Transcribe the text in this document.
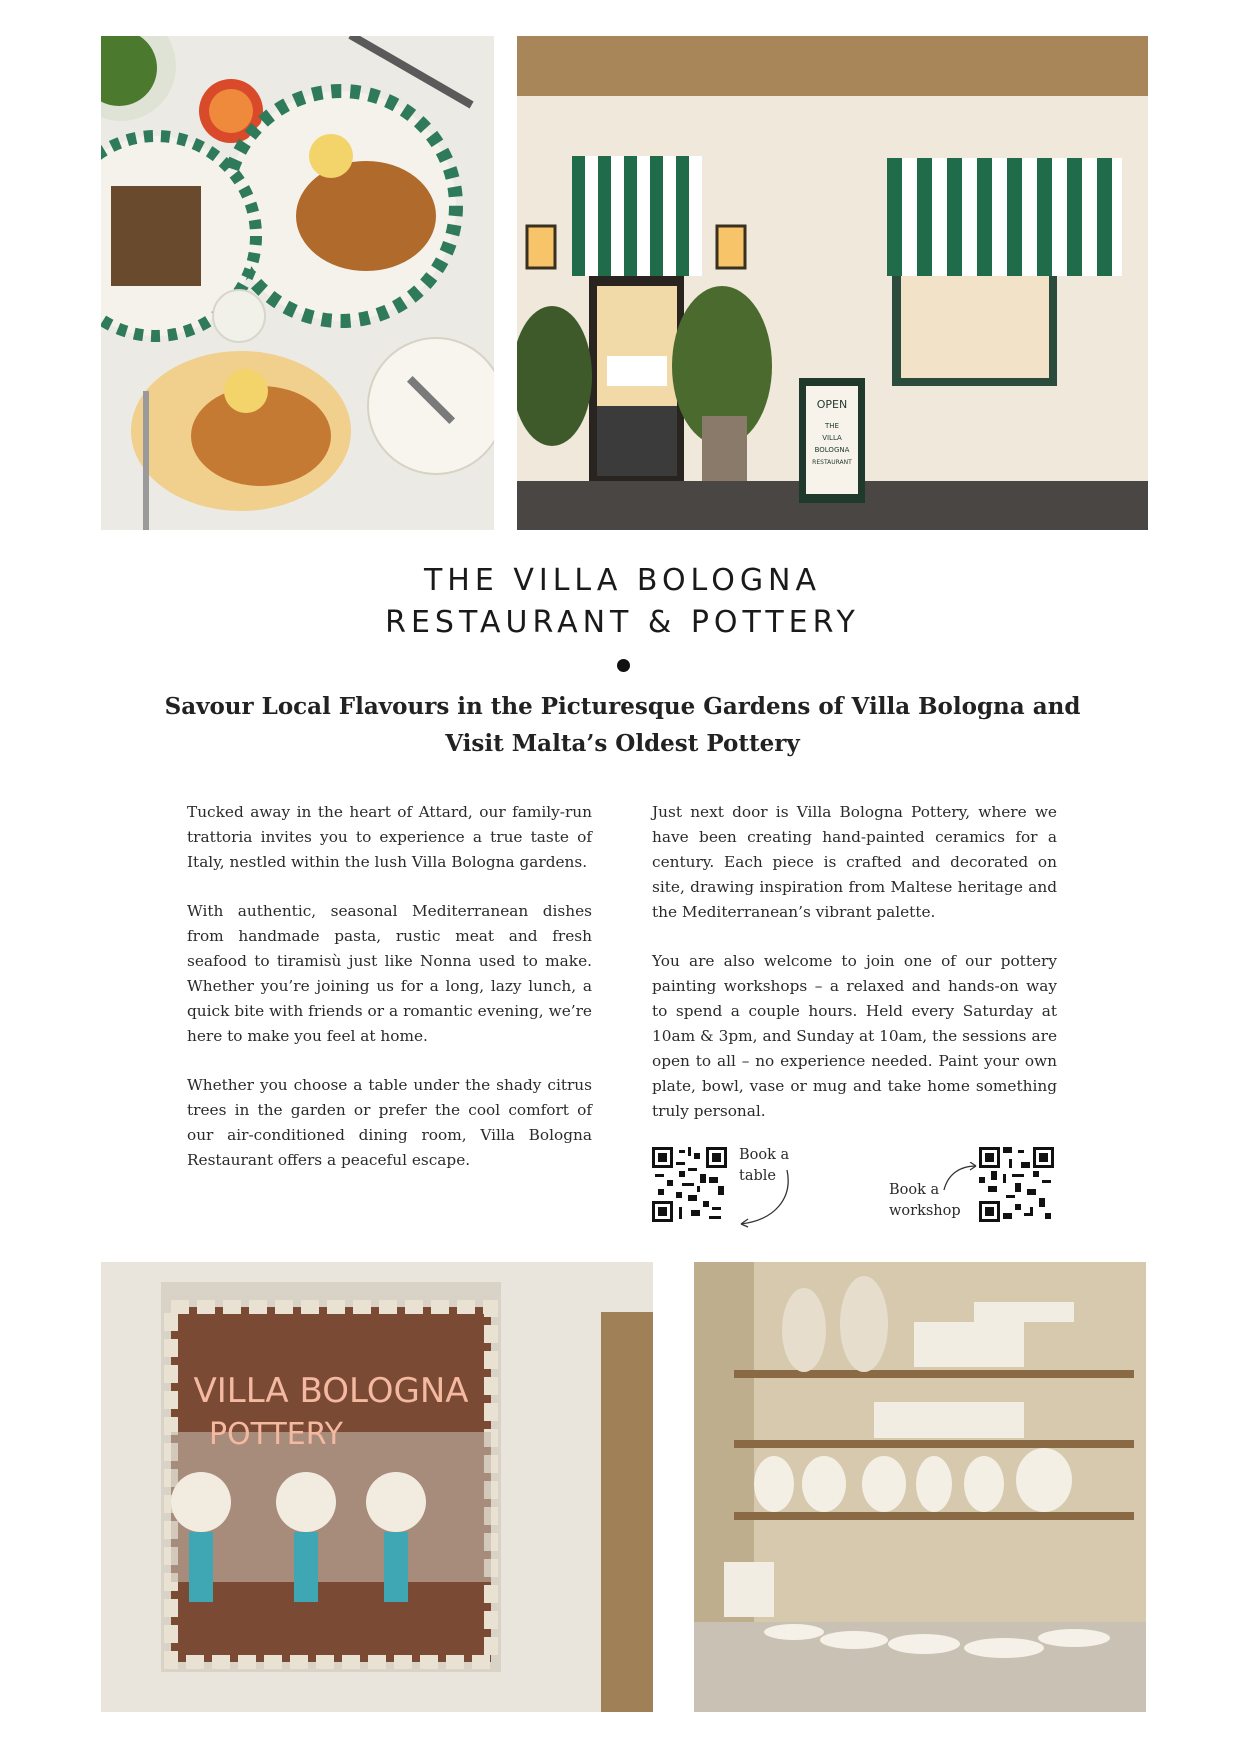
OPEN
THE
VILLA
BOLOGNA
RESTAURANT
THE VILLA BOLOGNA
RESTAURANT & POTTERY
Savour Local Flavours in the Picturesque Gardens of Villa Bologna and
Visit Malta’s Oldest Pottery

Tucked away in the heart of Attard, our family-run trattoria invites you to experience a true taste of Italy, nestled within the lush Villa Bologna gardens.

With authentic, seasonal Mediterranean dishes from handmade pasta, rustic meat and fresh seafood to tiramisù just like Nonna used to make. Whether you’re joining us for a long, lazy lunch, a quick bite with friends or a romantic evening, we’re here to make you feel at home.

Whether you choose a table under the shady citrus trees in the garden or prefer the cool comfort of our air-conditioned dining room, Villa Bologna Restaurant offers a peaceful escape.

Just next door is Villa Bologna Pottery, where we have been creating hand-painted ceramics for a century. Each piece is crafted and decorated on site, drawing inspiration from Maltese heritage and the Mediterranean’s vibrant palette.

You are also welcome to join one of our pottery painting workshops – a relaxed and hands-on way to spend a couple hours. Held every Saturday at 10am & 3pm, and Sunday at 10am, the sessions are open to all – no experience needed. Paint your own plate, bowl, vase or mug and take home something truly personal.

Book a
table
Book a
workshop
VILLA BOLOGNA
POTTERY
